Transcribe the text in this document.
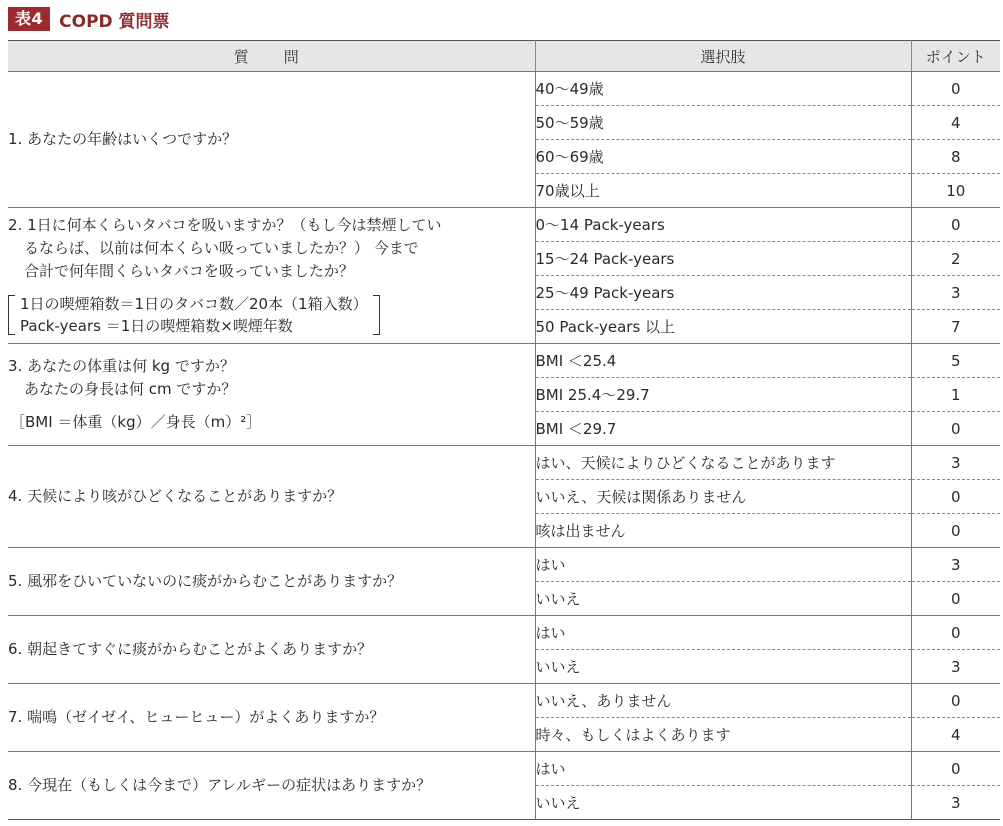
表4 COPD 質問票
質　問	選択肢	ポイント
1. あなたの年齢はいくつですか？	40～49歳	0
	50～59歳	4
	60～69歳	8
	70歳以上	10

2. 1日に何本くらいタバコを吸いますか？（もし今は禁煙してい
るならば、以前は何本くらい吸っていましたか？） 今まで
合計で何年間くらいタバコを吸っていましたか？
1日の喫煙箱数＝1日のタバコ数／20本（1箱入数）
Pack-years ＝1日の喫煙箱数×喫煙年数	0～14 Pack-years	0
	15～24 Pack-years	2
	25～49 Pack-years	3
	50 Pack-years 以上	7

3. あなたの体重は何 kg ですか？
あなたの身長は何 cm ですか？
［BMI ＝体重（kg）／身長（m）²］	BMI ＜25.4	5
	BMI 25.4～29.7	1
	BMI ＜29.7	0
4. 天候により咳がひどくなることがありますか？	はい、天候によりひどくなることがあります	3
	いいえ、天候は関係ありません	0
	咳は出ません	0
5. 風邪をひいていないのに痰がからむことがありますか？	はい	3
	いいえ	0
6. 朝起きてすぐに痰がからむことがよくありますか？	はい	0
	いいえ	3
7. 喘鳴（ゼイゼイ、ヒューヒュー）がよくありますか？	いいえ、ありません	0
	時々、もしくはよくあります	4
8. 今現在（もしくは今まで）アレルギーの症状はありますか？	はい	0
	いいえ	3
